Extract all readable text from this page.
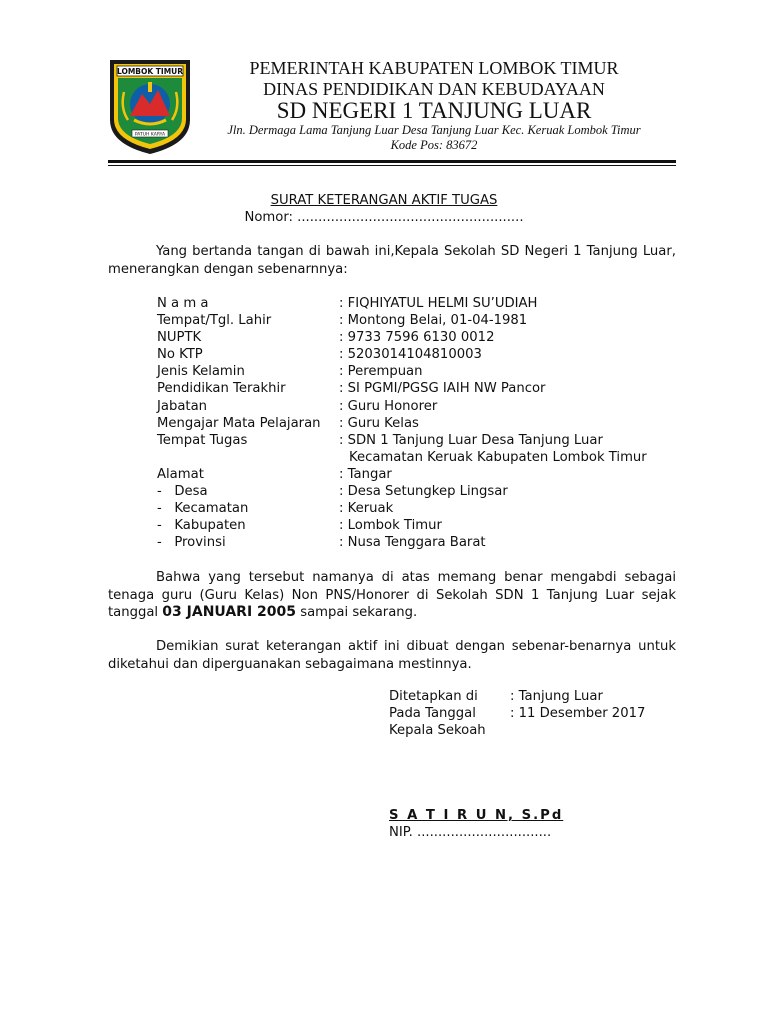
LOMBOK TIMUR
PATUH KARYA
PEMERINTAH KABUPATEN LOMBOK TIMUR
DINAS PENDIDIKAN DAN KEBUDAYAAN
SD NEGERI 1 TANJUNG LUAR
Jln. Dermaga Lama Tanjung Luar Desa Tanjung Luar Kec. Keruak Lombok Timur
Kode Pos: 83672
SURAT KETERANGAN AKTIF TUGAS
Nomor: ......................................................
Yang bertanda tangan di bawah ini,Kepala Sekolah SD Negeri 1 Tanjung Luar, menerangkan dengan sebenarnnya:
N a m a	: FIQHIYATUL HELMI SU’UDIAH
Tempat/Tgl. Lahir	: Montong Belai, 01-04-1981
NUPTK	: 9733 7596 6130 0012
No KTP	: 5203014104810003
Jenis Kelamin	: Perempuan
Pendidikan Terakhir	: SI PGMI/PGSG IAIH NW Pancor
Jabatan	: Guru Honorer
Mengajar Mata Pelajaran : Guru Kelas
Tempat Tugas	: SDN 1 Tanjung Luar Desa Tanjung Luar
Kecamatan Keruak Kabupaten Lombok Timur
Alamat	: Tangar
-   Desa	: Desa Setungkep Lingsar
-   Kecamatan	: Keruak
-   Kabupaten	: Lombok Timur
-   Provinsi	: Nusa Tenggara Barat
Bahwa yang tersebut namanya di atas memang benar mengabdi sebagai tenaga guru (Guru Kelas) Non PNS/Honorer di Sekolah SDN 1 Tanjung Luar sejak tanggal 03 JANUARI 2005 sampai sekarang.
Demikian surat keterangan aktif ini dibuat dengan sebenar-benarnya untuk diketahui dan diperguanakan sebagaimana mestinnya.
Ditetapkan di : Tanjung Luar
Pada Tanggal	: 11 Desember 2017
Kepala Sekoah
S A T I R U N, S.Pd
NIP. ................................
